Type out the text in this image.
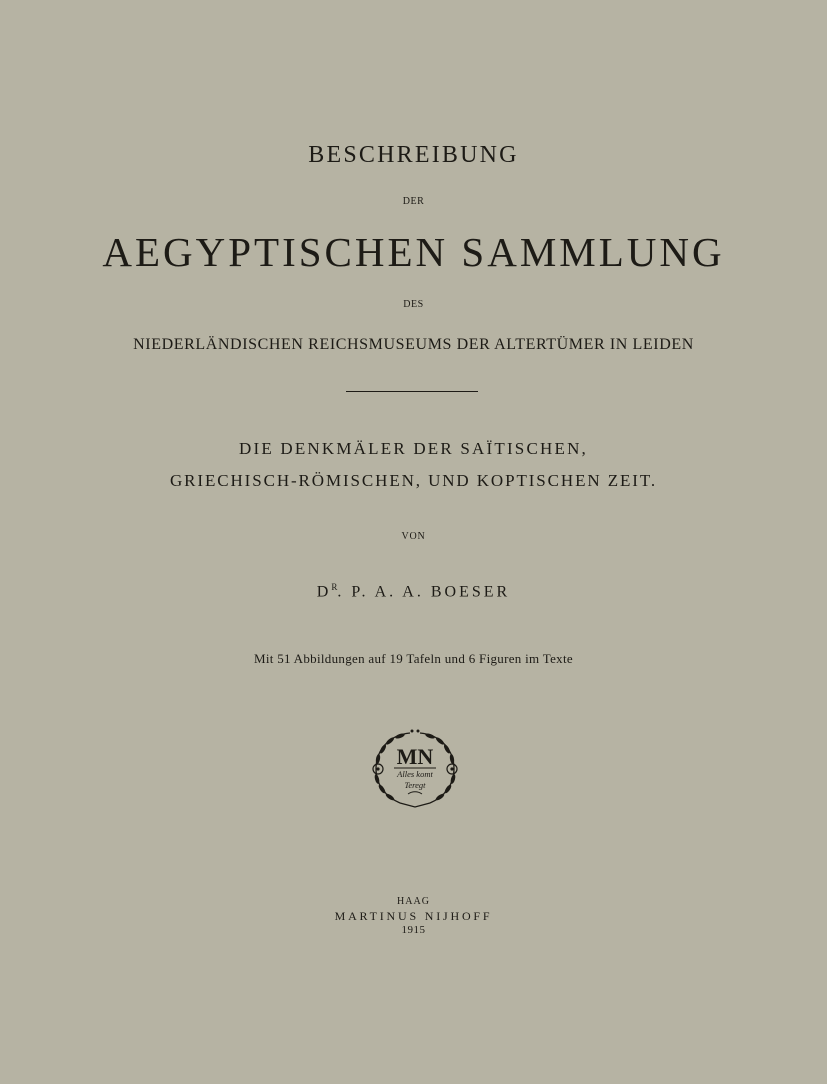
BESCHREIBUNG
DER
AEGYPTISCHEN SAMMLUNG
DES
NIEDERLÄNDISCHEN REICHSMUSEUMS DER ALTERTÜMER IN LEIDEN
DIE DENKMÄLER DER SAÏTISCHEN,
GRIECHISCH-RÖMISCHEN, UND KOPTISCHEN ZEIT.
VON
$D^R$. P. A. A. BOESER
Mit 51 Abbildungen auf 19 Tafeln und 6 Figuren im Texte
MN
Alles komt
Teregt
HAAG
MARTINUS NIJHOFF
1915
